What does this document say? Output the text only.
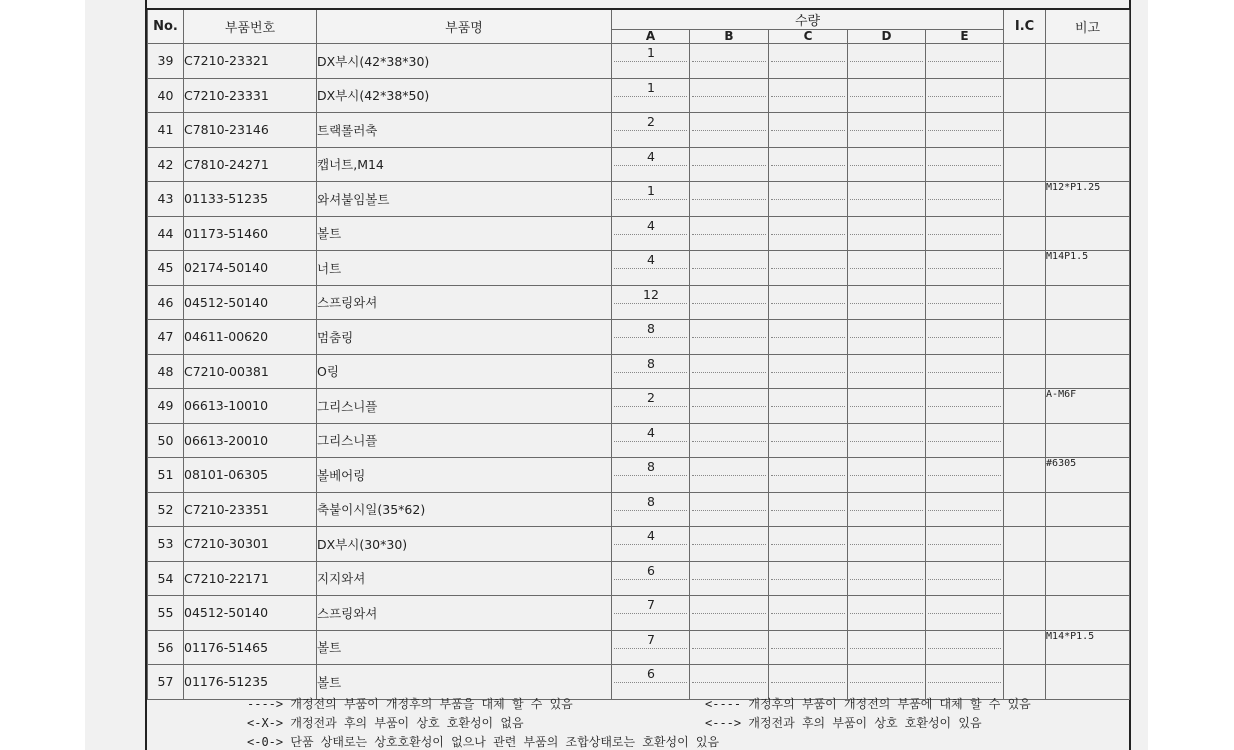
No.	부품번호	부품명	수량					I.C	비고
			A	B	C	D	E		
39	C7210-23321	DX부시(42*38*30)	1						

40	C7210-23331	DX부시(42*38*50)	1						

41	C7810-23146	트랙롤러축	2						

42	C7810-24271	캡너트,M14	4						

43	01133-51235	와셔붙임볼트	1						M12*P1.25
44	01173-51460	볼트	4						

45	02174-50140	너트	4						M14P1.5
46	04512-50140	스프링와셔	12						

47	04611-00620	멈춤링	8						

48	C7210-00381	O링	8						

49	06613-10010	그리스니플	2						A-M6F
50	06613-20010	그리스니플	4						

51	08101-06305	볼베어링	8						#6305
52	C7210-23351	축붙이시일(35*62)	8						

53	C7210-30301	DX부시(30*30)	4						

54	C7210-22171	지지와셔	6						

55	04512-50140	스프링와셔	7						

56	01176-51465	볼트	7						M14*P1.5
57	01176-51235	볼트	6						

----> 개정전의 부품이 개정후의 부품을 대체 할 수 있음
<-X-> 개정전과 후의 부품이 상호 호환성이 없음
<-0-> 단품 상태로는 상호호환성이 없으나 관련 부품의 조합상태로는 호환성이 있음
<---- 개정후의 부품이 개정전의 부품에 대체 할 수 있음
<---> 개정전과 후의 부품이 상호 호환성이 있음
